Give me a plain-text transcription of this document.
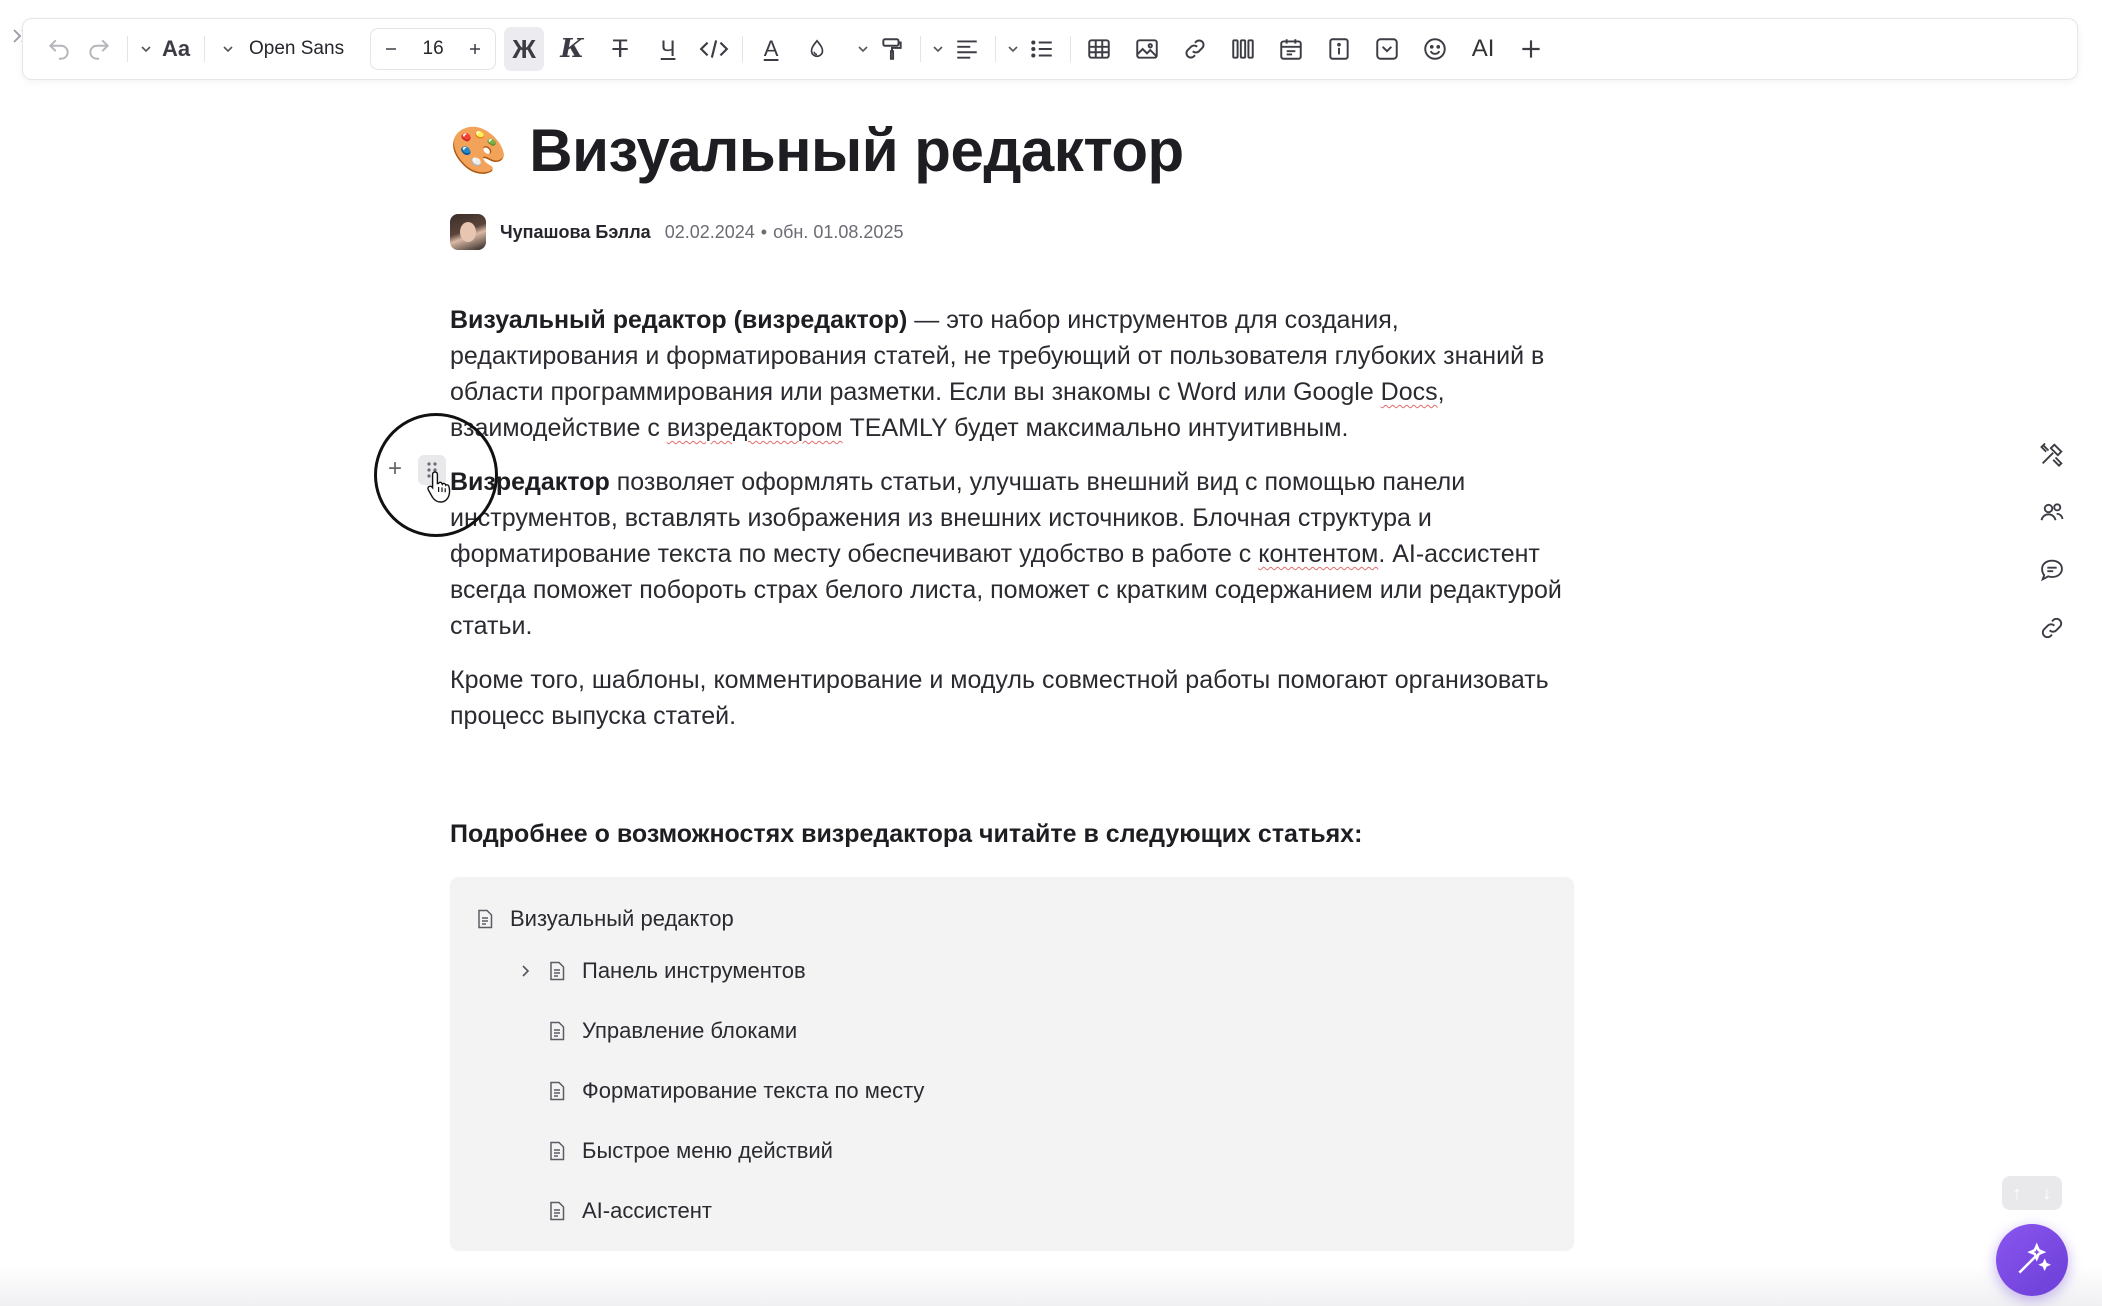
Aa	Open Sans	16	Ж К	Т	Ч	A	AI
🎨 Визуальный редактор
Чупашова Бэлла 02.02.2024 • обн. 01.08.2025

Визуальный редактор (визредактор) — это набор инструментов для создания, редактирования и форматирования статей, не требующий от пользователя глубоких знаний в области программирования или разметки. Если вы знакомы с Word или Google Docs, взаимодействие с визредактором TEAMLY будет максимально интуитивным.

Визредактор позволяет оформлять статьи, улучшать внешний вид с помощью панели инструментов, вставлять изображения из внешних источников. Блочная структура и форматирование текста по месту обеспечивают удобство в работе с контентом. AI-ассистент всегда поможет побороть страх белого листа, поможет с кратким содержанием или редактурой статьи.

Кроме того, шаблоны, комментирование и модуль совместной работы помогают организовать процесс выпуска статей.

Подробнее о возможностях визредактора читайте в следующих статьях:
Визуальный редактор
Панель инструментов
Управление блоками
Форматирование текста по месту
Быстрое меню действий
AI-ассистент
+
↑ ↓
